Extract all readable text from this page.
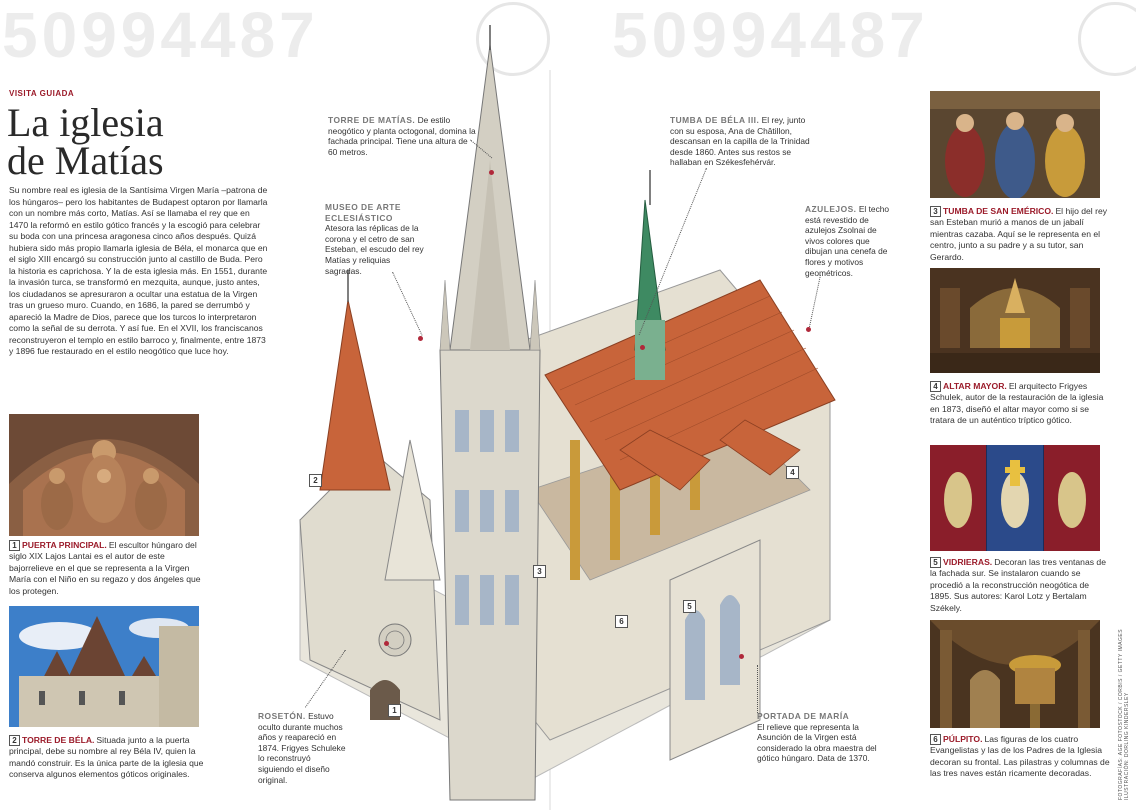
50994487	50994487
VISITA GUIADA
La iglesia
de Matías

Su nombre real es iglesia de la Santísima Virgen María –patrona de los húngaros– pero los habitantes de Budapest optaron por llamarla con un nombre más corto, Matías. Así se llamaba el rey que en 1470 la reformó en estilo gótico francés y la escogió para celebrar su boda con una princesa aragonesa cinco años después. Quizá hubiera sido más propio llamarla iglesia de Béla, el monarca que en el siglo XIII encargó su construcción junto al castillo de Buda. Pero la historia es caprichosa. Y la de esta iglesia más. En 1551, durante la invasión turca, se transformó en mezquita, aunque, justo antes, los ciudadanos se apresuraron a ocultar una estatua de la Virgen tras un grueso muro. Cuando, en 1686, la pared se derrumbó y apareció la Madre de Dios, parece que los turcos lo interpretaron como la señal de su derrota. Y así fue. En el XVII, los franciscanos reconstruyeron el templo en estilo barroco y, finalmente, entre 1873 y 1896 fue restaurado en el estilo neogótico que luce hoy.

1 PUERTA PRINCIPAL. El escultor húngaro del siglo XIX Lajos Lantai es el autor de este bajorrelieve en el que se representa a la Virgen María con el Niño en su regazo y dos ángeles que los protegen.
2 TORRE DE BÉLA. Situada junto a la puerta principal, debe su nombre al rey Béla IV, quien la mandó construir. Es la única parte de la iglesia que conserva algunos elementos góticos originales.
1
2
3
4
5
6
TORRE DE MATÍAS. De estilo neogótico y planta octogonal, domina la fachada principal. Tiene una altura de 60 metros.
MUSEO DE ARTE ECLESIÁSTICO
Atesora las réplicas de la corona y el cetro de san Esteban, el escudo del rey Matías y reliquias sagradas.
TUMBA DE BÉLA III. El rey, junto con su esposa, Ana de Châtillon, descansan en la capilla de la Trinidad desde 1860. Antes sus restos se hallaban en Székesfehérvár.
AZULEJOS. El techo está revestido de azulejos Zsolnai de vivos colores que dibujan una cenefa de flores y motivos geométricos.
ROSETÓN. Estuvo oculto durante muchos años y reapareció en 1874. Frigyes Schuleke lo reconstruyó siguiendo el diseño original.
PORTADA DE MARÍA
El relieve que representa la Asunción de la Virgen está considerado la obra maestra del gótico húngaro. Data de 1370.
3 TUMBA DE SAN EMÉRICO. El hijo del rey san Esteban murió a manos de un jabalí mientras cazaba. Aquí se le representa en el centro, junto a su padre y a su tutor, san Gerardo.
4 ALTAR MAYOR. El arquitecto Frigyes Schulek, autor de la restauración de la iglesia en 1873, diseñó el altar mayor como si se tratara de un auténtico tríptico gótico.
5 VIDRIERAS. Decoran las tres ventanas de la fachada sur. Se instalaron cuando se procedió a la reconstrucción neogótica de 1895. Sus autores: Karol Lotz y Bertalam Székely.
6 PÚLPITO. Las figuras de los cuatro Evangelistas y las de los Padres de la Iglesia decoran su frontal. Las pilastras y columnas de las tres naves están ricamente decoradas.	FOTOGRAFÍAS: AGE FOTOSTOCK / CORBIS / GETTY IMAGES ILUSTRACIÓN: DORLING KINDERSLEY
